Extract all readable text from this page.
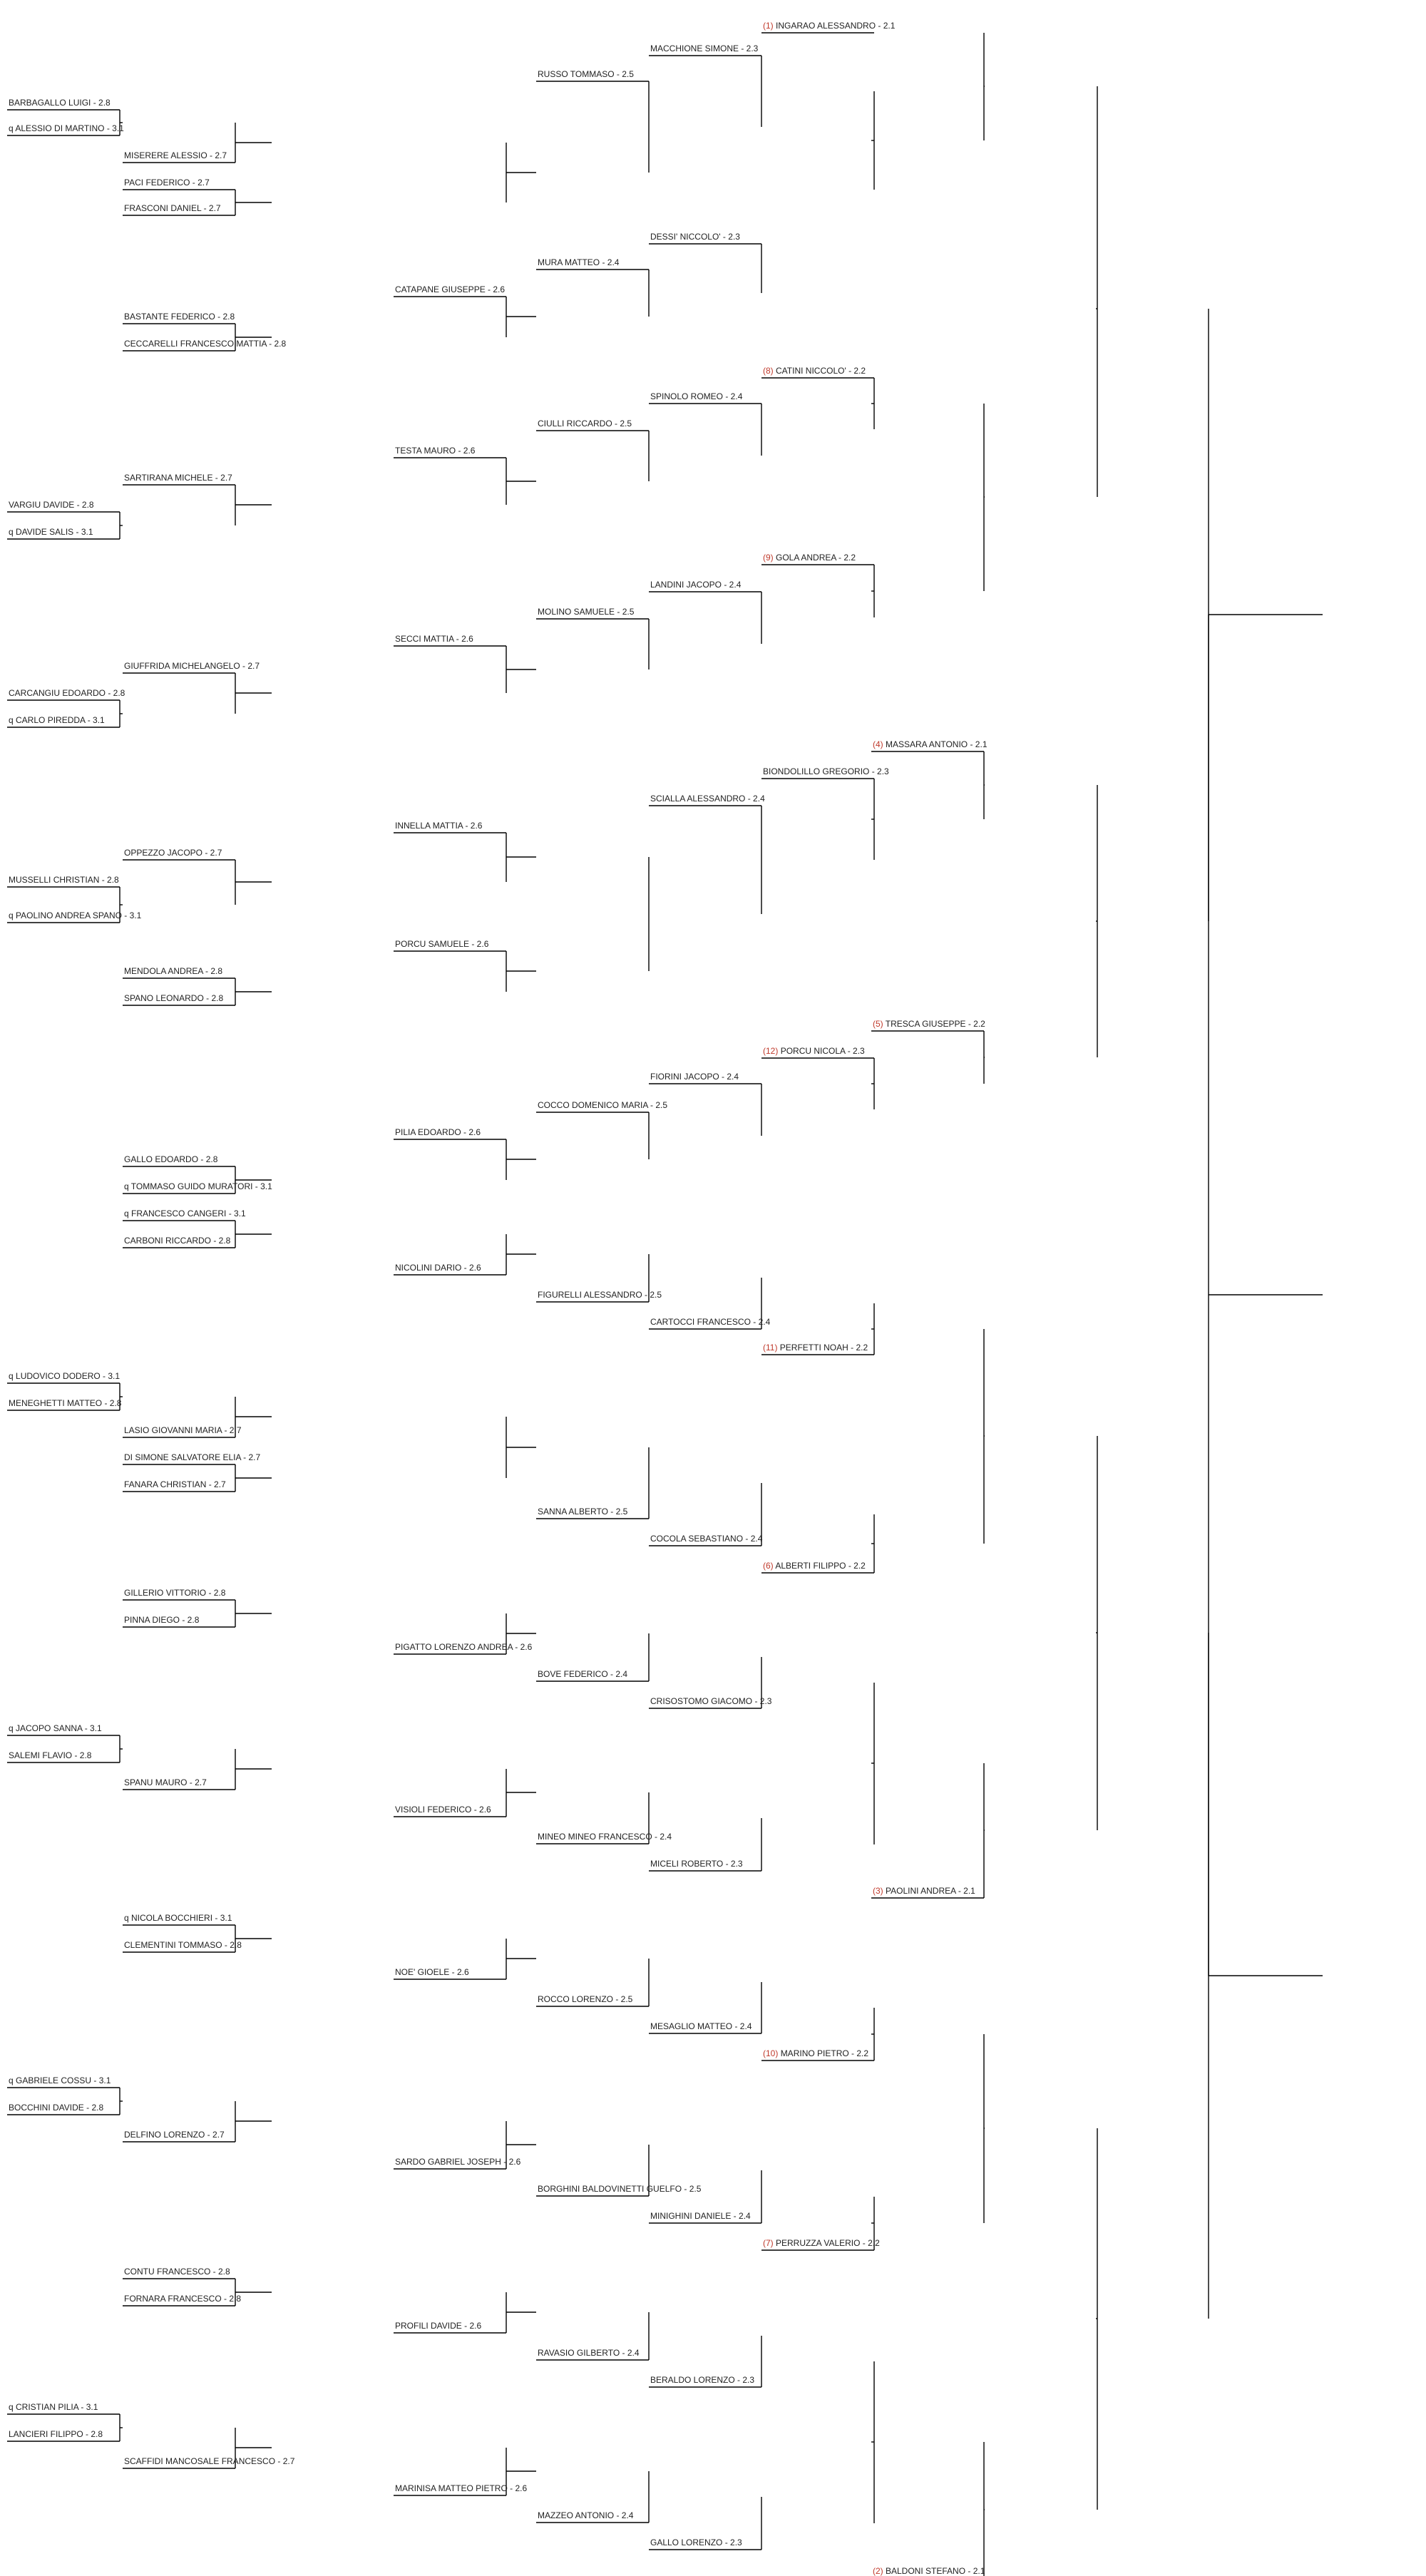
(1) INGARAO ALESSANDRO - 2.1
MACCHIONE SIMONE - 2.3
RUSSO TOMMASO - 2.5
BARBAGALLO LUIGI - 2.8
q ALESSIO DI MARTINO - 3.1
MISERERE ALESSIO - 2.7
PACI FEDERICO - 2.7
FRASCONI DANIEL - 2.7
DESSI' NICCOLO' - 2.3
MURA MATTEO - 2.4
CATAPANE GIUSEPPE - 2.6
BASTANTE FEDERICO - 2.8
CECCARELLI FRANCESCO MATTIA - 2.8
(8) CATINI NICCOLO' - 2.2
SPINOLO ROMEO - 2.4
CIULLI RICCARDO - 2.5
TESTA MAURO - 2.6
SARTIRANA MICHELE - 2.7
VARGIU DAVIDE - 2.8
q DAVIDE SALIS - 3.1
(9) GOLA ANDREA - 2.2
LANDINI JACOPO - 2.4
MOLINO SAMUELE - 2.5
SECCI MATTIA - 2.6
GIUFFRIDA MICHELANGELO - 2.7
CARCANGIU EDOARDO - 2.8
q CARLO PIREDDA - 3.1
(4) MASSARA ANTONIO - 2.1
BIONDOLILLO GREGORIO - 2.3
SCIALLA ALESSANDRO - 2.4
INNELLA MATTIA - 2.6
OPPEZZO JACOPO - 2.7
MUSSELLI CHRISTIAN - 2.8
q PAOLINO ANDREA SPANO - 3.1
PORCU SAMUELE - 2.6
MENDOLA ANDREA - 2.8
SPANO LEONARDO - 2.8
(5) TRESCA GIUSEPPE - 2.2
(12) PORCU NICOLA - 2.3
FIORINI JACOPO - 2.4
COCCO DOMENICO MARIA - 2.5
PILIA EDOARDO - 2.6
GALLO EDOARDO - 2.8
q TOMMASO GUIDO MURATORI - 3.1
q FRANCESCO CANGERI - 3.1
CARBONI RICCARDO - 2.8
NICOLINI DARIO - 2.6
FIGURELLI ALESSANDRO - 2.5
CARTOCCI FRANCESCO - 2.4
(11) PERFETTI NOAH - 2.2
q LUDOVICO DODERO - 3.1
MENEGHETTI MATTEO - 2.8
LASIO GIOVANNI MARIA - 2.7
DI SIMONE SALVATORE ELIA - 2.7
FANARA CHRISTIAN - 2.7
SANNA ALBERTO - 2.5
COCOLA SEBASTIANO - 2.4
(6) ALBERTI FILIPPO - 2.2
GILLERIO VITTORIO - 2.8
PINNA DIEGO - 2.8
PIGATTO LORENZO ANDREA - 2.6
BOVE FEDERICO - 2.4
CRISOSTOMO GIACOMO - 2.3
q JACOPO SANNA - 3.1
SALEMI FLAVIO - 2.8
SPANU MAURO - 2.7
VISIOLI FEDERICO - 2.6
MINEO MINEO FRANCESCO - 2.4
MICELI ROBERTO - 2.3
(3) PAOLINI ANDREA - 2.1
q NICOLA BOCCHIERI - 3.1
CLEMENTINI TOMMASO - 2.8
NOE' GIOELE - 2.6
ROCCO LORENZO - 2.5
MESAGLIO MATTEO - 2.4
(10) MARINO PIETRO - 2.2
q GABRIELE COSSU - 3.1
BOCCHINI DAVIDE - 2.8
DELFINO LORENZO - 2.7
SARDO GABRIEL JOSEPH - 2.6
BORGHINI BALDOVINETTI GUELFO - 2.5
MINIGHINI DANIELE - 2.4
(7) PERRUZZA VALERIO - 2.2
CONTU FRANCESCO - 2.8
FORNARA FRANCESCO - 2.8
PROFILI DAVIDE - 2.6
RAVASIO GILBERTO - 2.4
BERALDO LORENZO - 2.3
q CRISTIAN PILIA - 3.1
LANCIERI FILIPPO - 2.8
SCAFFIDI MANCOSALE FRANCESCO - 2.7
MARINISA MATTEO PIETRO - 2.6
MAZZEO ANTONIO - 2.4
GALLO LORENZO - 2.3
(2) BALDONI STEFANO - 2.1
